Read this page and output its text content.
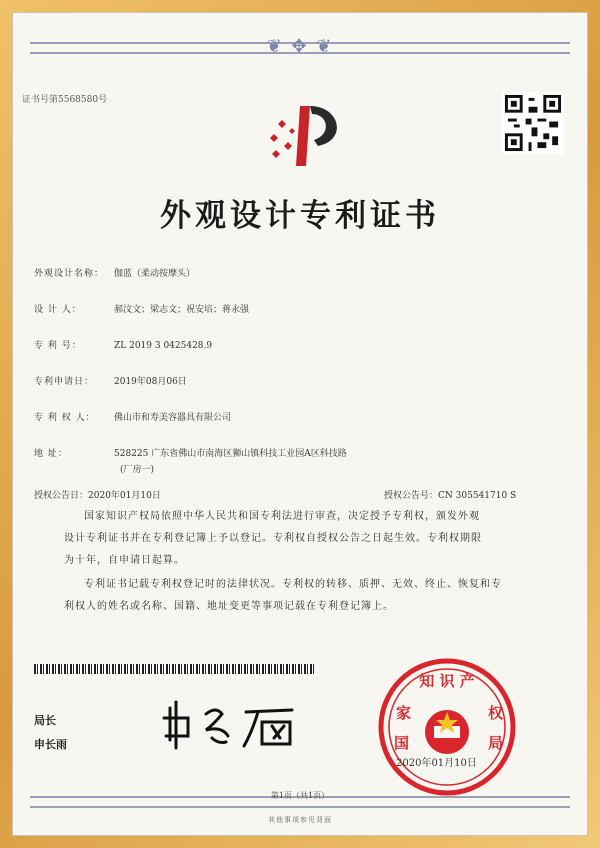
❦ ✥ ❦
证书号第5568580号
外观设计专利证书
外观设计名称： 伽蓝（柔动按摩头）
设 计 人：	郝汶文；梁志文；祝安培；蒋永强
专 利 号：	ZL 2019 3 0425428.9
专利申请日： 2019年08月06日
专 利 权 人： 佛山市和寿美容器具有限公司
地 址：	528225 广东省佛山市南海区狮山镇科技工业园A区科技路
(厂房一)
授权公告日：2020年01月10日	授权公告号：CN 305541710 S
国家知识产权局依照中华人民共和国专利法进行审查，决定授予专利权，颁发外观
设计专利证书并在专利登记簿上予以登记。专利权自授权公告之日起生效。专利权期限
为十年，自申请日起算。
专利证书记载专利权登记时的法律状况。专利权的转移、质押、无效、终止、恢复和专
利权人的姓名或名称、国籍、地址变更等事项记载在专利登记簿上。
局长
申长雨
知 识 产
家	权
国	局
2020年01月10日
第1页（共1页）
其他事项参见背面
